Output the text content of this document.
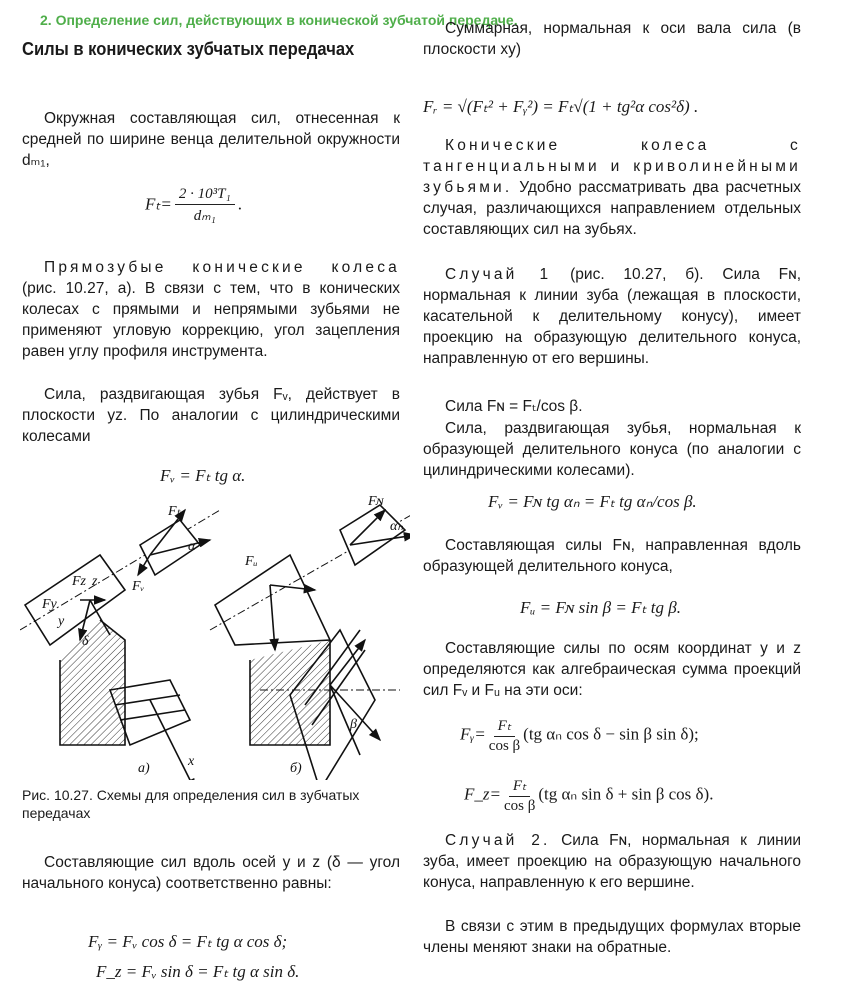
2. Определение сил, действующих в конической зубчатой передаче.
Силы в конических зубчатых передачах
Окружная составляющая сил, отнесенная к средней по ширине венца делительной окружности dₘ₁,
$F_t= \frac{\text{2 · 10³T₁}}{\text{dₘ₁}}$ .
Прямозубые конические колеса (рис. 10.27, а). В связи с тем, что в конических колесах с прямыми и непрямыми зубьями не применяют угловую коррекцию, угол зацепления равен углу профиля инструмента.
Сила, раздвигающая зубья Fᵥ, действует в плоскости yz. По аналогии с цилиндрическими колесами
Fᵥ = Fₜ tg α.
Fₜ
α
Fᵥ
Fz z
Fy
y
δ
Fᵤ
Fɴ
αₙ
β
x
а)	б)
Рис. 10.27. Схемы для определения сил в зубчатых передачах
Составляющие сил вдоль осей y и z (δ — угол начального конуса) соответственно равны:
Fᵧ = Fᵥ cos δ = Fₜ tg α cos δ;
F_z = Fᵥ sin δ = Fₜ tg α sin δ.
Суммарная, нормальная к оси вала сила (в плоскости xy)
Fᵣ = √(Fₜ² + Fᵧ²) = Fₜ√(1 + tg²α cos²δ) .
Конические колеса с тангенциальными и криволинейными зубьями. Удобно рассматривать два расчетных случая, различающихся направлением отдельных составляющих сил на зубьях.
Случай 1 (рис. 10.27, б). Сила Fɴ, нормальная к линии зуба (лежащая в плоскости, касательной к делительному конусу), имеет проекцию на образующую делительного конуса, направленную от его вершины.
Сила Fɴ = Fₜ/cos β.
Сила, раздвигающая зубья, нормальная к образующей делительного конуса (по аналогии с цилиндрическими колесами).
Fᵥ = Fɴ tg αₙ = Fₜ tg αₙ/cos β.
Составляющая силы Fɴ, направленная вдоль образующей делительного конуса,
Fᵤ = Fɴ sin β = Fₜ tg β.
Составляющие силы по осям координат y и z определяются как алгебраическая сумма проекций сил Fᵥ и Fᵤ на эти оси:
Fᵧ= $\frac{\text{Fₜ}}{\text{cos β}} (tg$ αₙ cos δ − sin β sin δ);
F_z= $\frac{\text{Fₜ}}{\text{cos β}} (tg$ αₙ sin δ + sin β cos δ).
Случай 2. Сила Fɴ, нормальная к линии зуба, имеет проекцию на образующую начального конуса, направленную к его вершине.
В связи с этим в предыдущих формулах вторые члены меняют знаки на обратные.
